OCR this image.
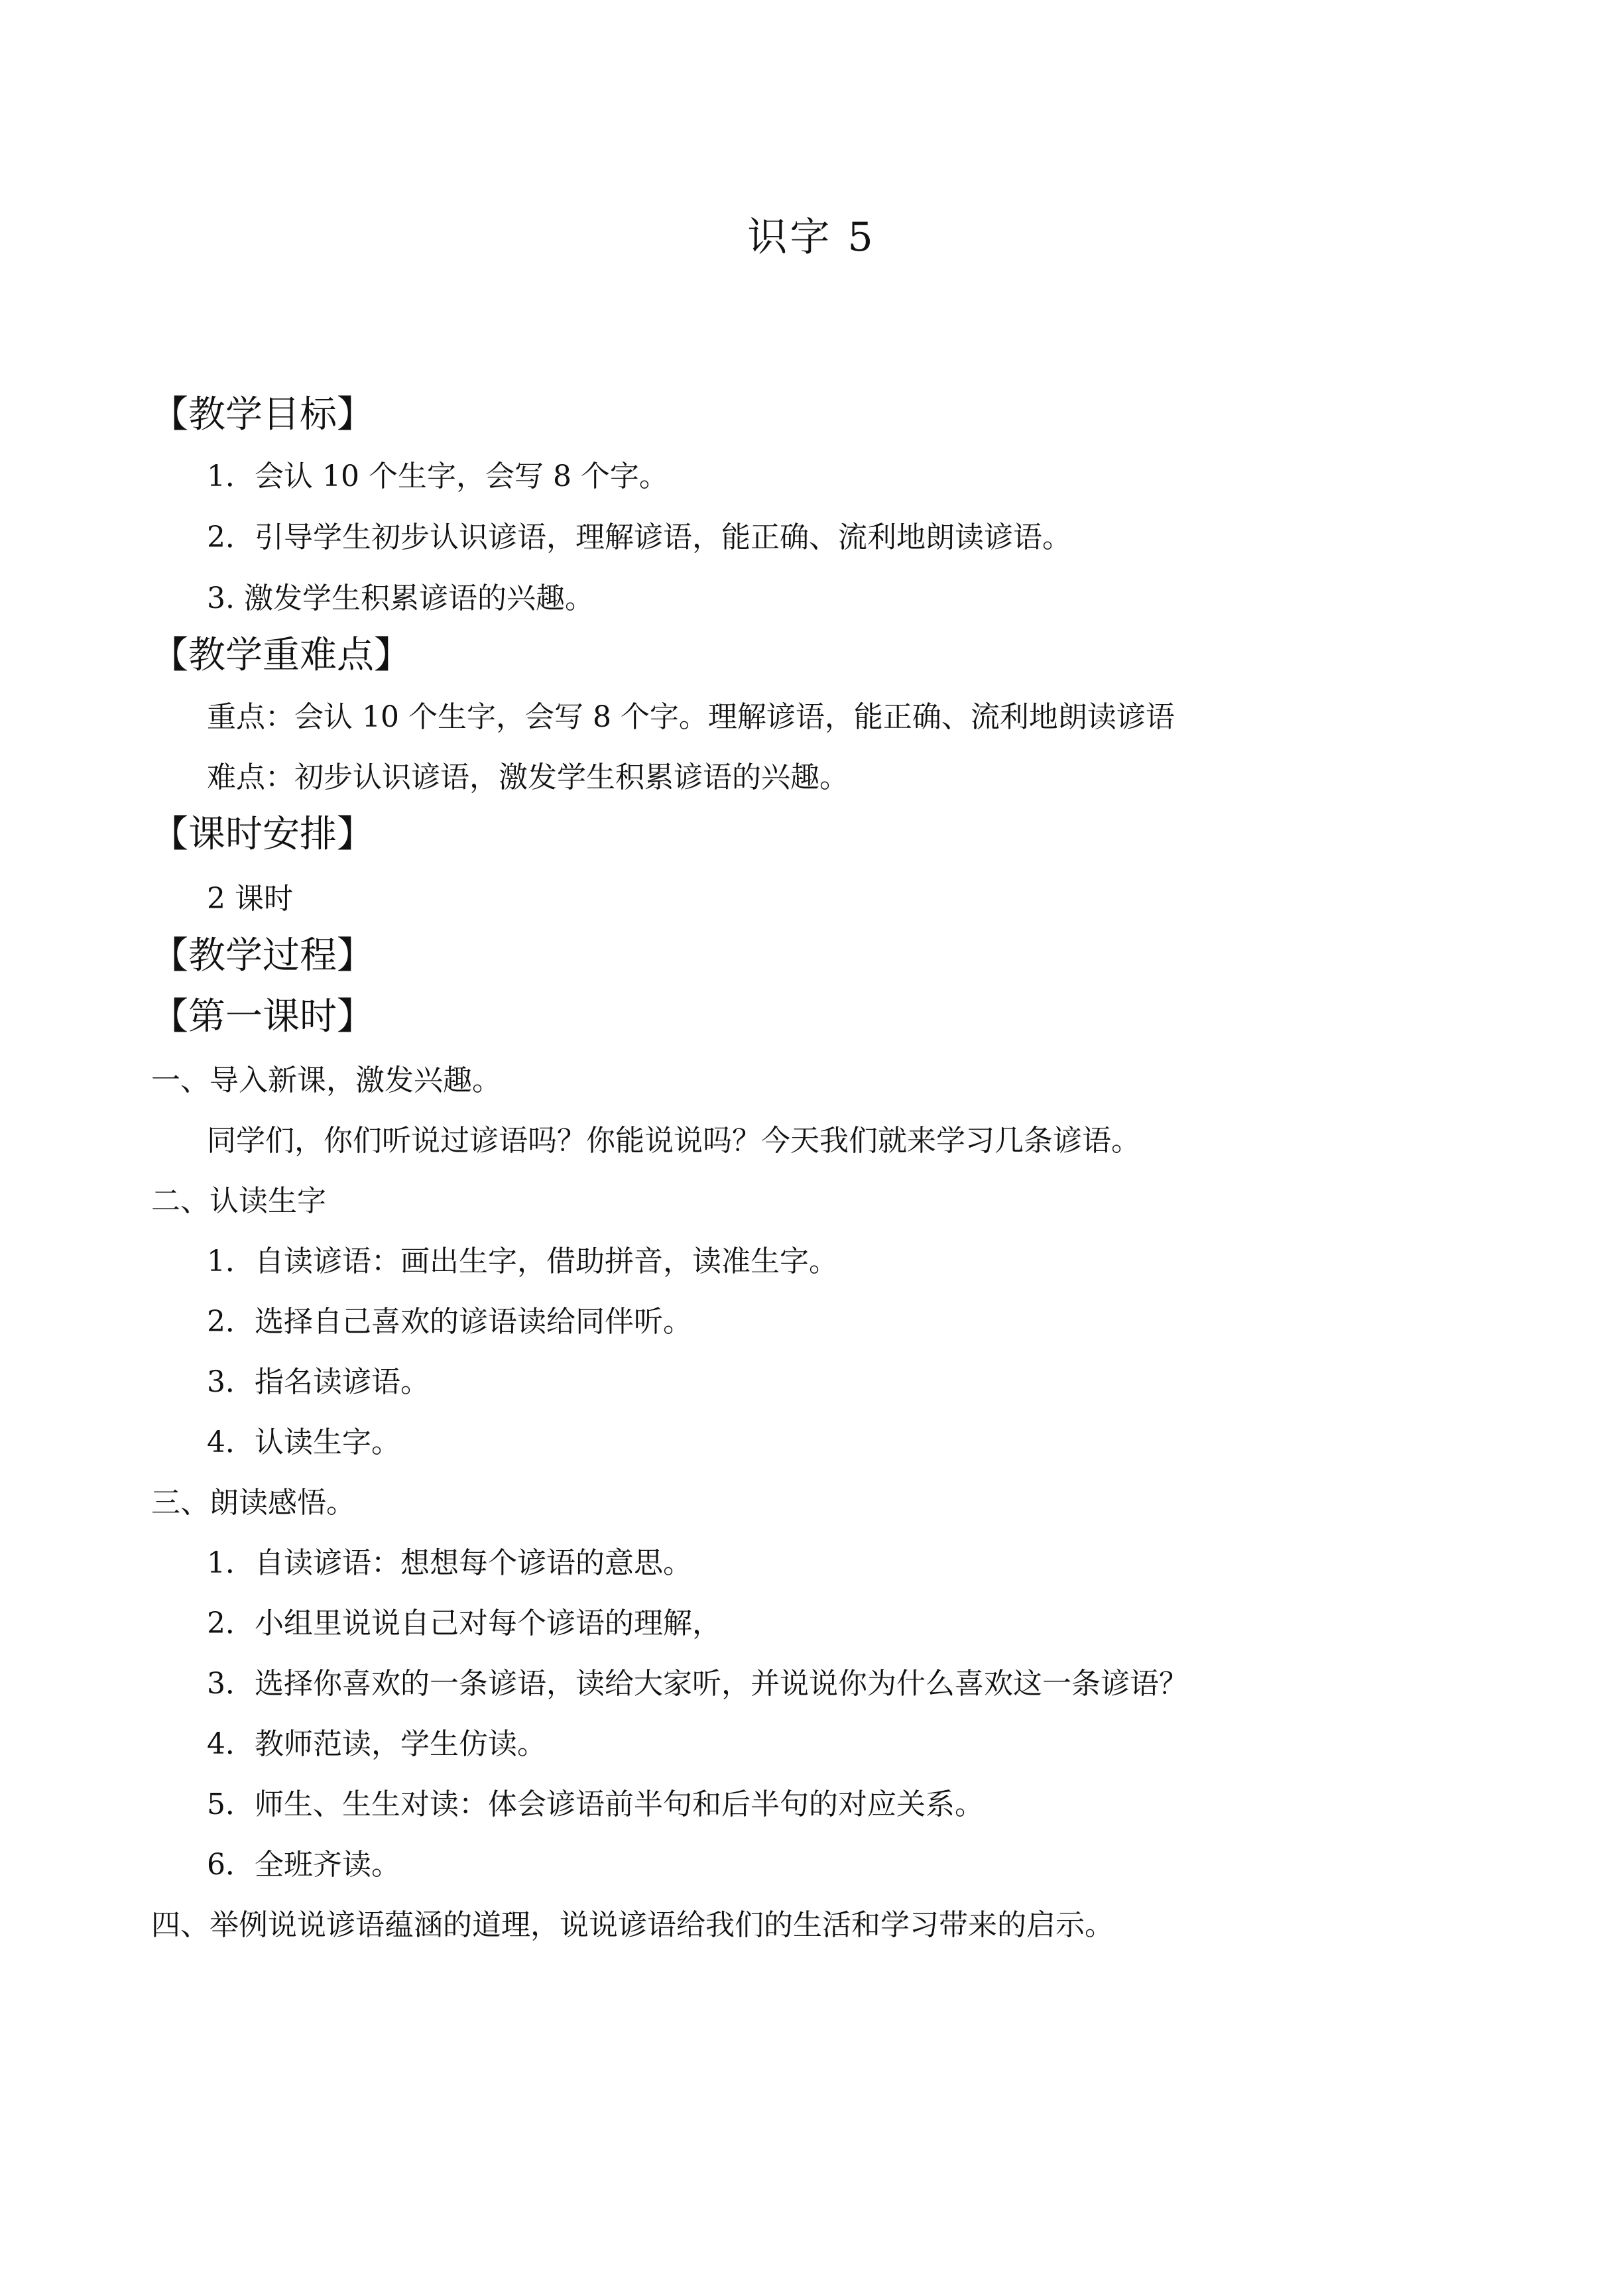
识字 5
【教学目标】
1．会认 10 个生字，会写 8 个字。
2．引导学生初步认识谚语，理解谚语，能正确、流利地朗读谚语。
3. 激发学生积累谚语的兴趣。
【教学重难点】
重点：会认 10 个生字，会写 8 个字。理解谚语，能正确、流利地朗读谚语
难点：初步认识谚语，激发学生积累谚语的兴趣。
【课时安排】
2 课时
【教学过程】
【第一课时】
一、导入新课，激发兴趣。
同学们，你们听说过谚语吗？你能说说吗？今天我们就来学习几条谚语。
二、认读生字
1．自读谚语：画出生字，借助拼音，读准生字。
2．选择自己喜欢的谚语读给同伴听。
3．指名读谚语。
4．认读生字。
三、朗读感悟。
1．自读谚语：想想每个谚语的意思。
2．小组里说说自己对每个谚语的理解，
3．选择你喜欢的一条谚语，读给大家听，并说说你为什么喜欢这一条谚语？
4．教师范读，学生仿读。
5．师生、生生对读：体会谚语前半句和后半句的对应关系。
6．全班齐读。
四、举例说说谚语蕴涵的道理，说说谚语给我们的生活和学习带来的启示。
